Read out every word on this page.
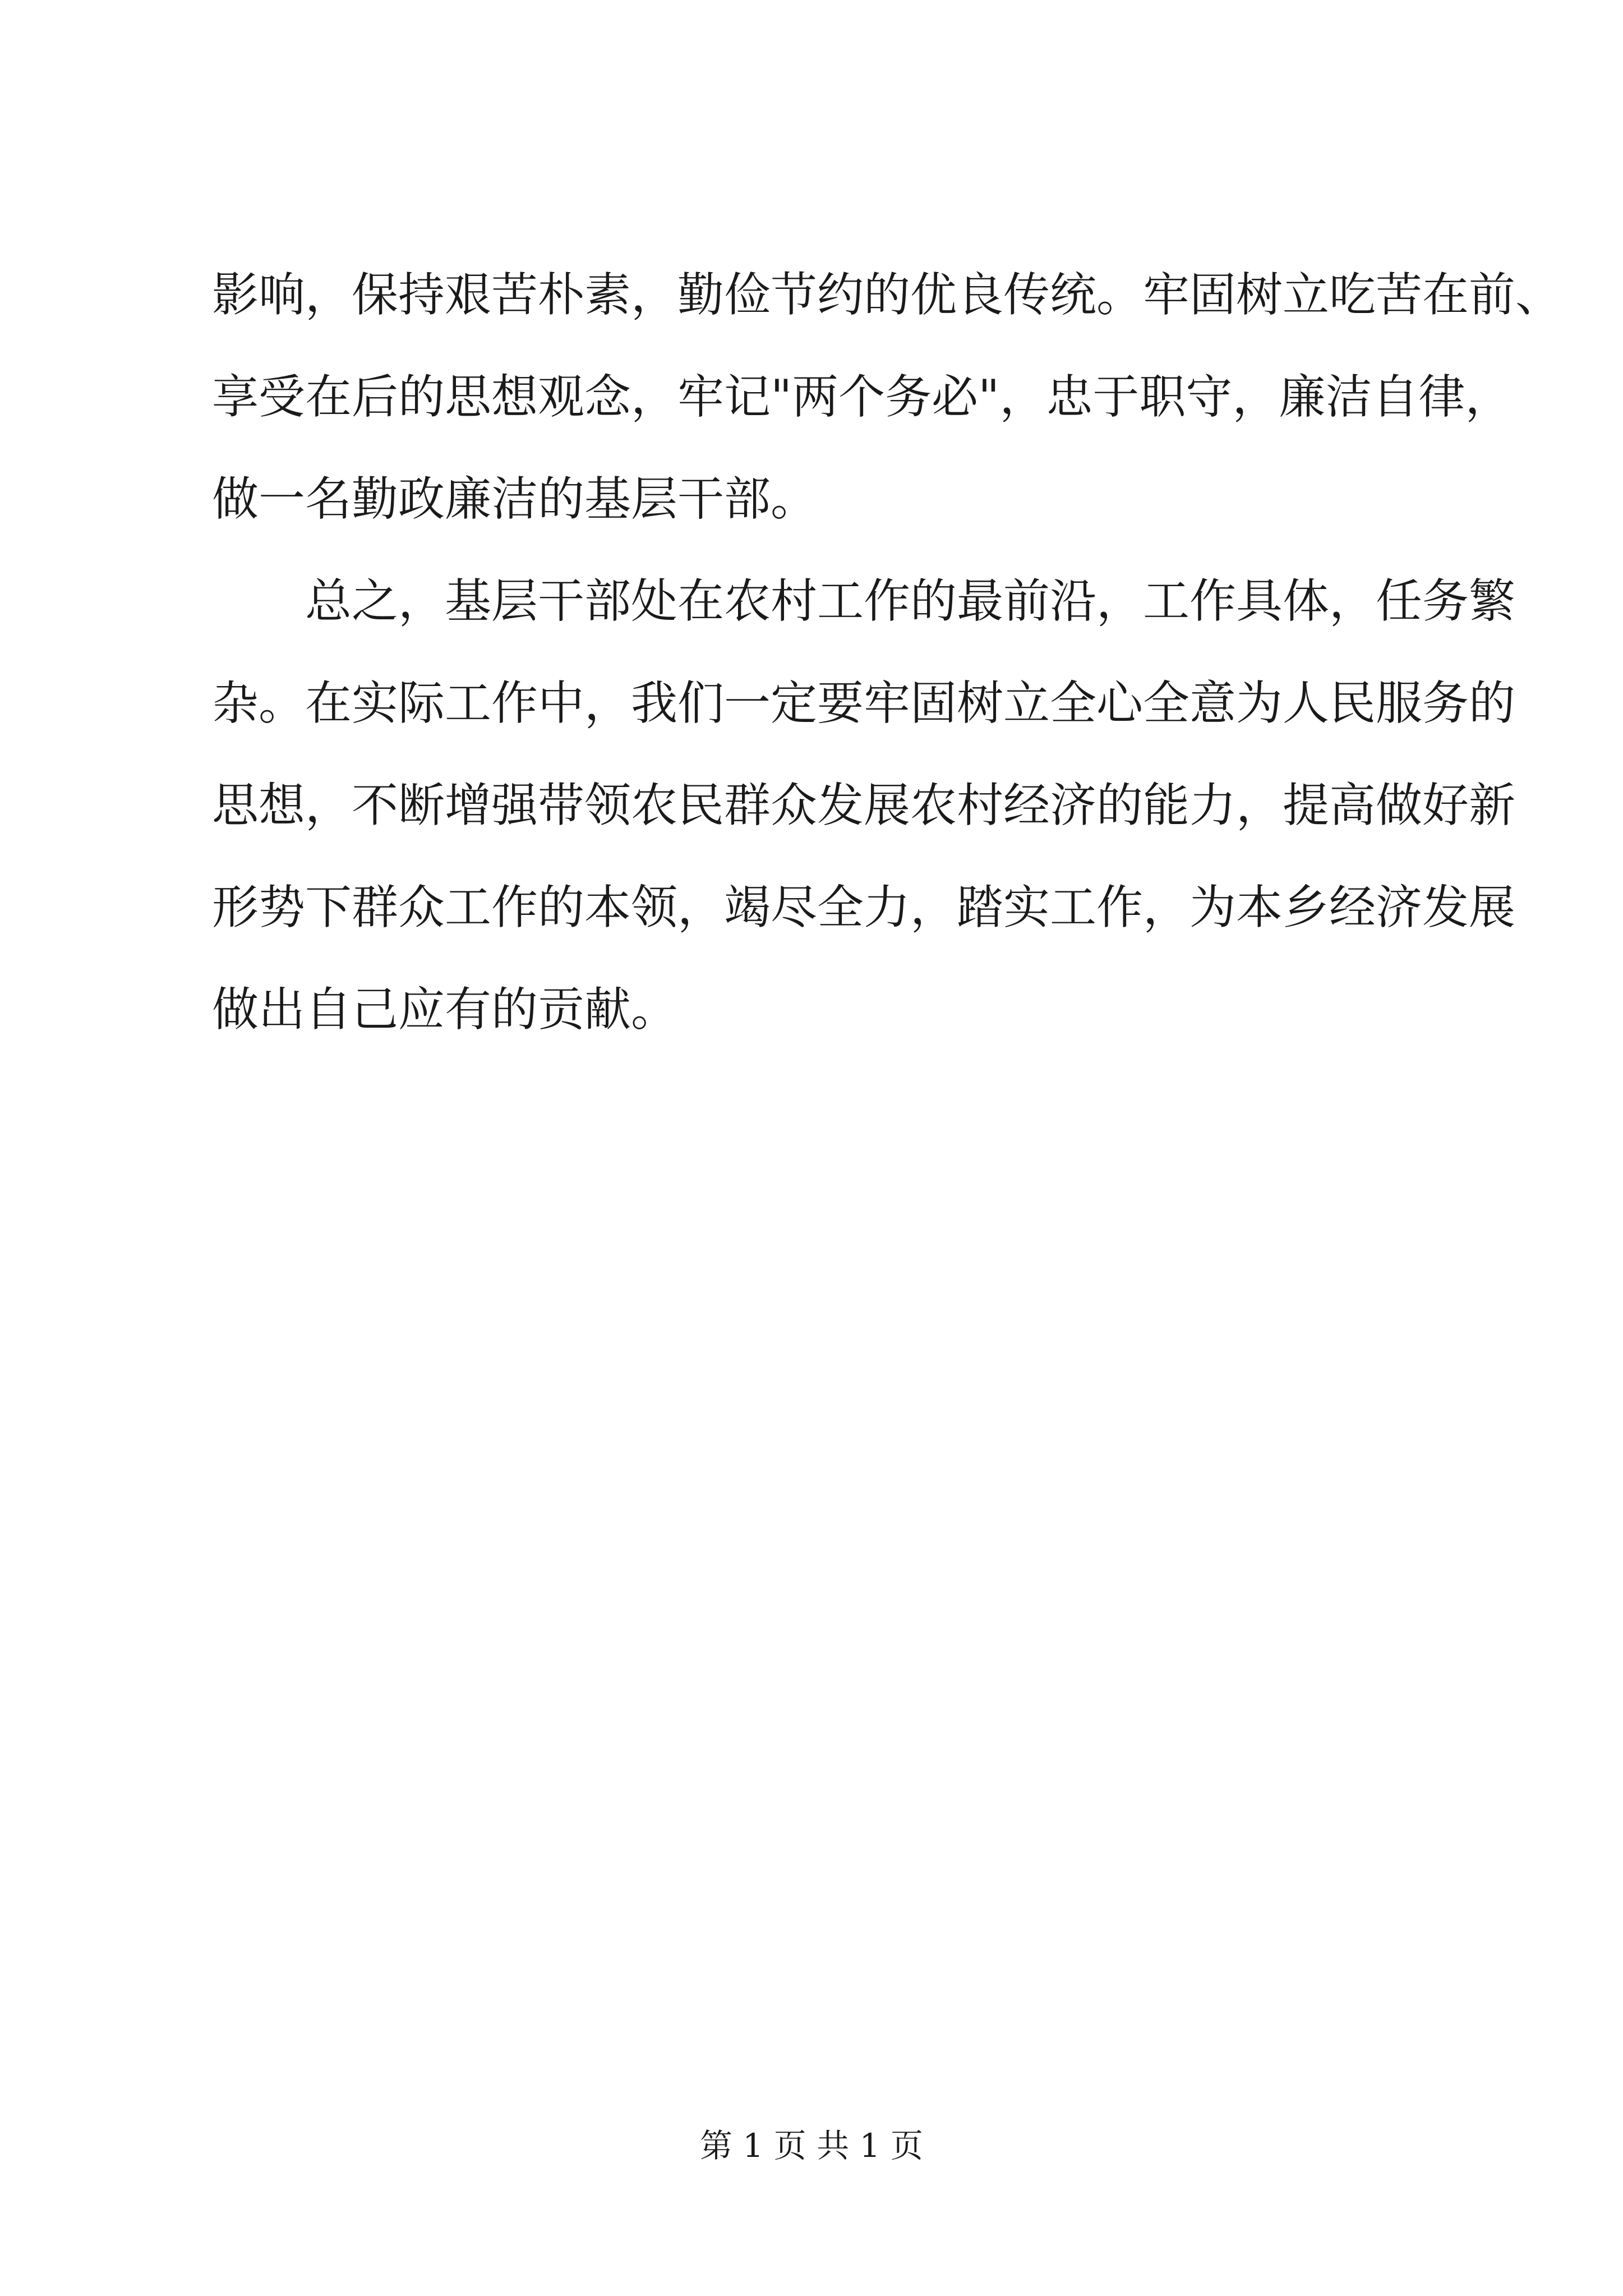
影响，保持艰苦朴素，勤俭节约的优良传统。牢固树立吃苦在前、
享受在后的思想观念，牢记"两个务必"，忠于职守，廉洁自律，
做一名勤政廉洁的基层干部。
　　总之，基层干部处在农村工作的最前沿，工作具体，任务繁
杂。在实际工作中，我们一定要牢固树立全心全意为人民服务的
思想，不断增强带领农民群众发展农村经济的能力，提高做好新
形势下群众工作的本领，竭尽全力，踏实工作，为本乡经济发展
做出自己应有的贡献。
第 1 页 共 1 页
